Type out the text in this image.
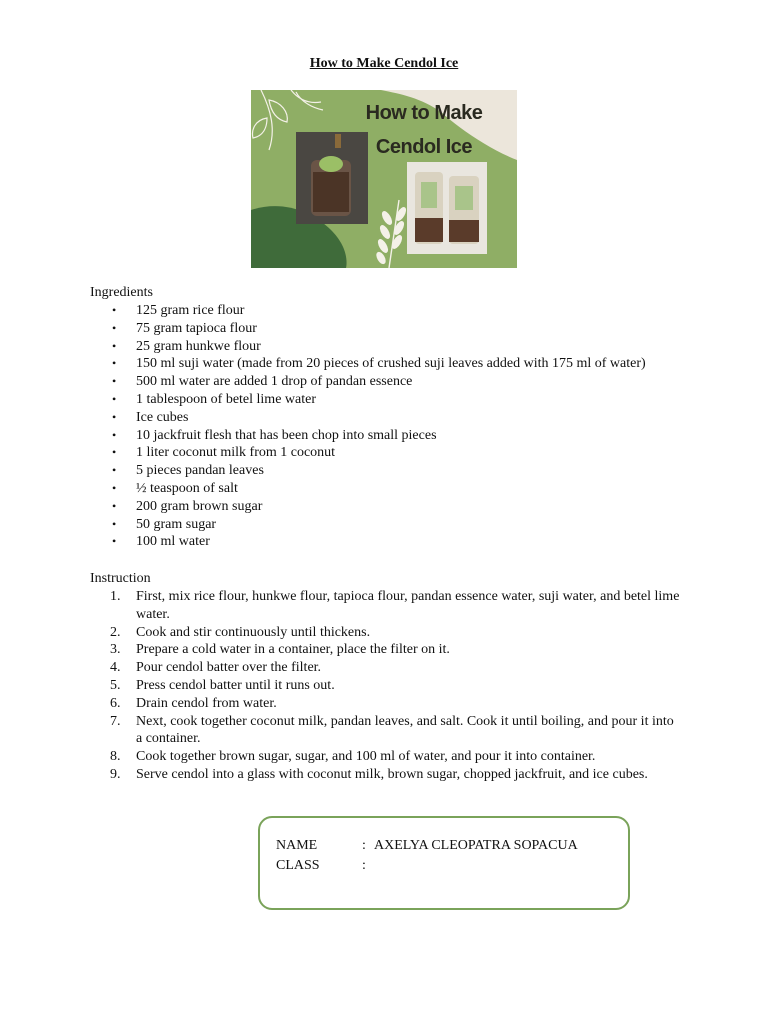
How to Make Cendol Ice
How to Make
Cendol Ice
Ingredients
• 125 gram rice flour
• 75 gram tapioca flour
• 25 gram hunkwe flour
• 150 ml suji water (made from 20 pieces of crushed suji leaves added with 175 ml of water)
• 500 ml water are added 1 drop of pandan essence
• 1 tablespoon of betel lime water
• Ice cubes
• 10 jackfruit flesh that has been chop into small pieces
• 1 liter coconut milk from 1 coconut
• 5 pieces pandan leaves
• ½ teaspoon of salt
• 200 gram brown sugar
• 50 gram sugar
• 100 ml water
Instruction
1. First, mix rice flour, hunkwe flour, tapioca flour, pandan essence water, suji water, and betel lime water.
2. Cook and stir continuously until thickens.
3. Prepare a cold water in a container, place the filter on it.
4. Pour cendol batter over the filter.
5. Press cendol batter until it runs out.
6. Drain cendol from water.
7. Next, cook together coconut milk, pandan leaves, and salt. Cook it until boiling, and pour it into a container.
8. Cook together brown sugar, sugar, and 100 ml of water, and pour it into container.
9. Serve cendol into a glass with coconut milk, brown sugar, chopped jackfruit, and ice cubes.
NAME	: AXELYA CLEOPATRA SOPACUA
CLASS	:
